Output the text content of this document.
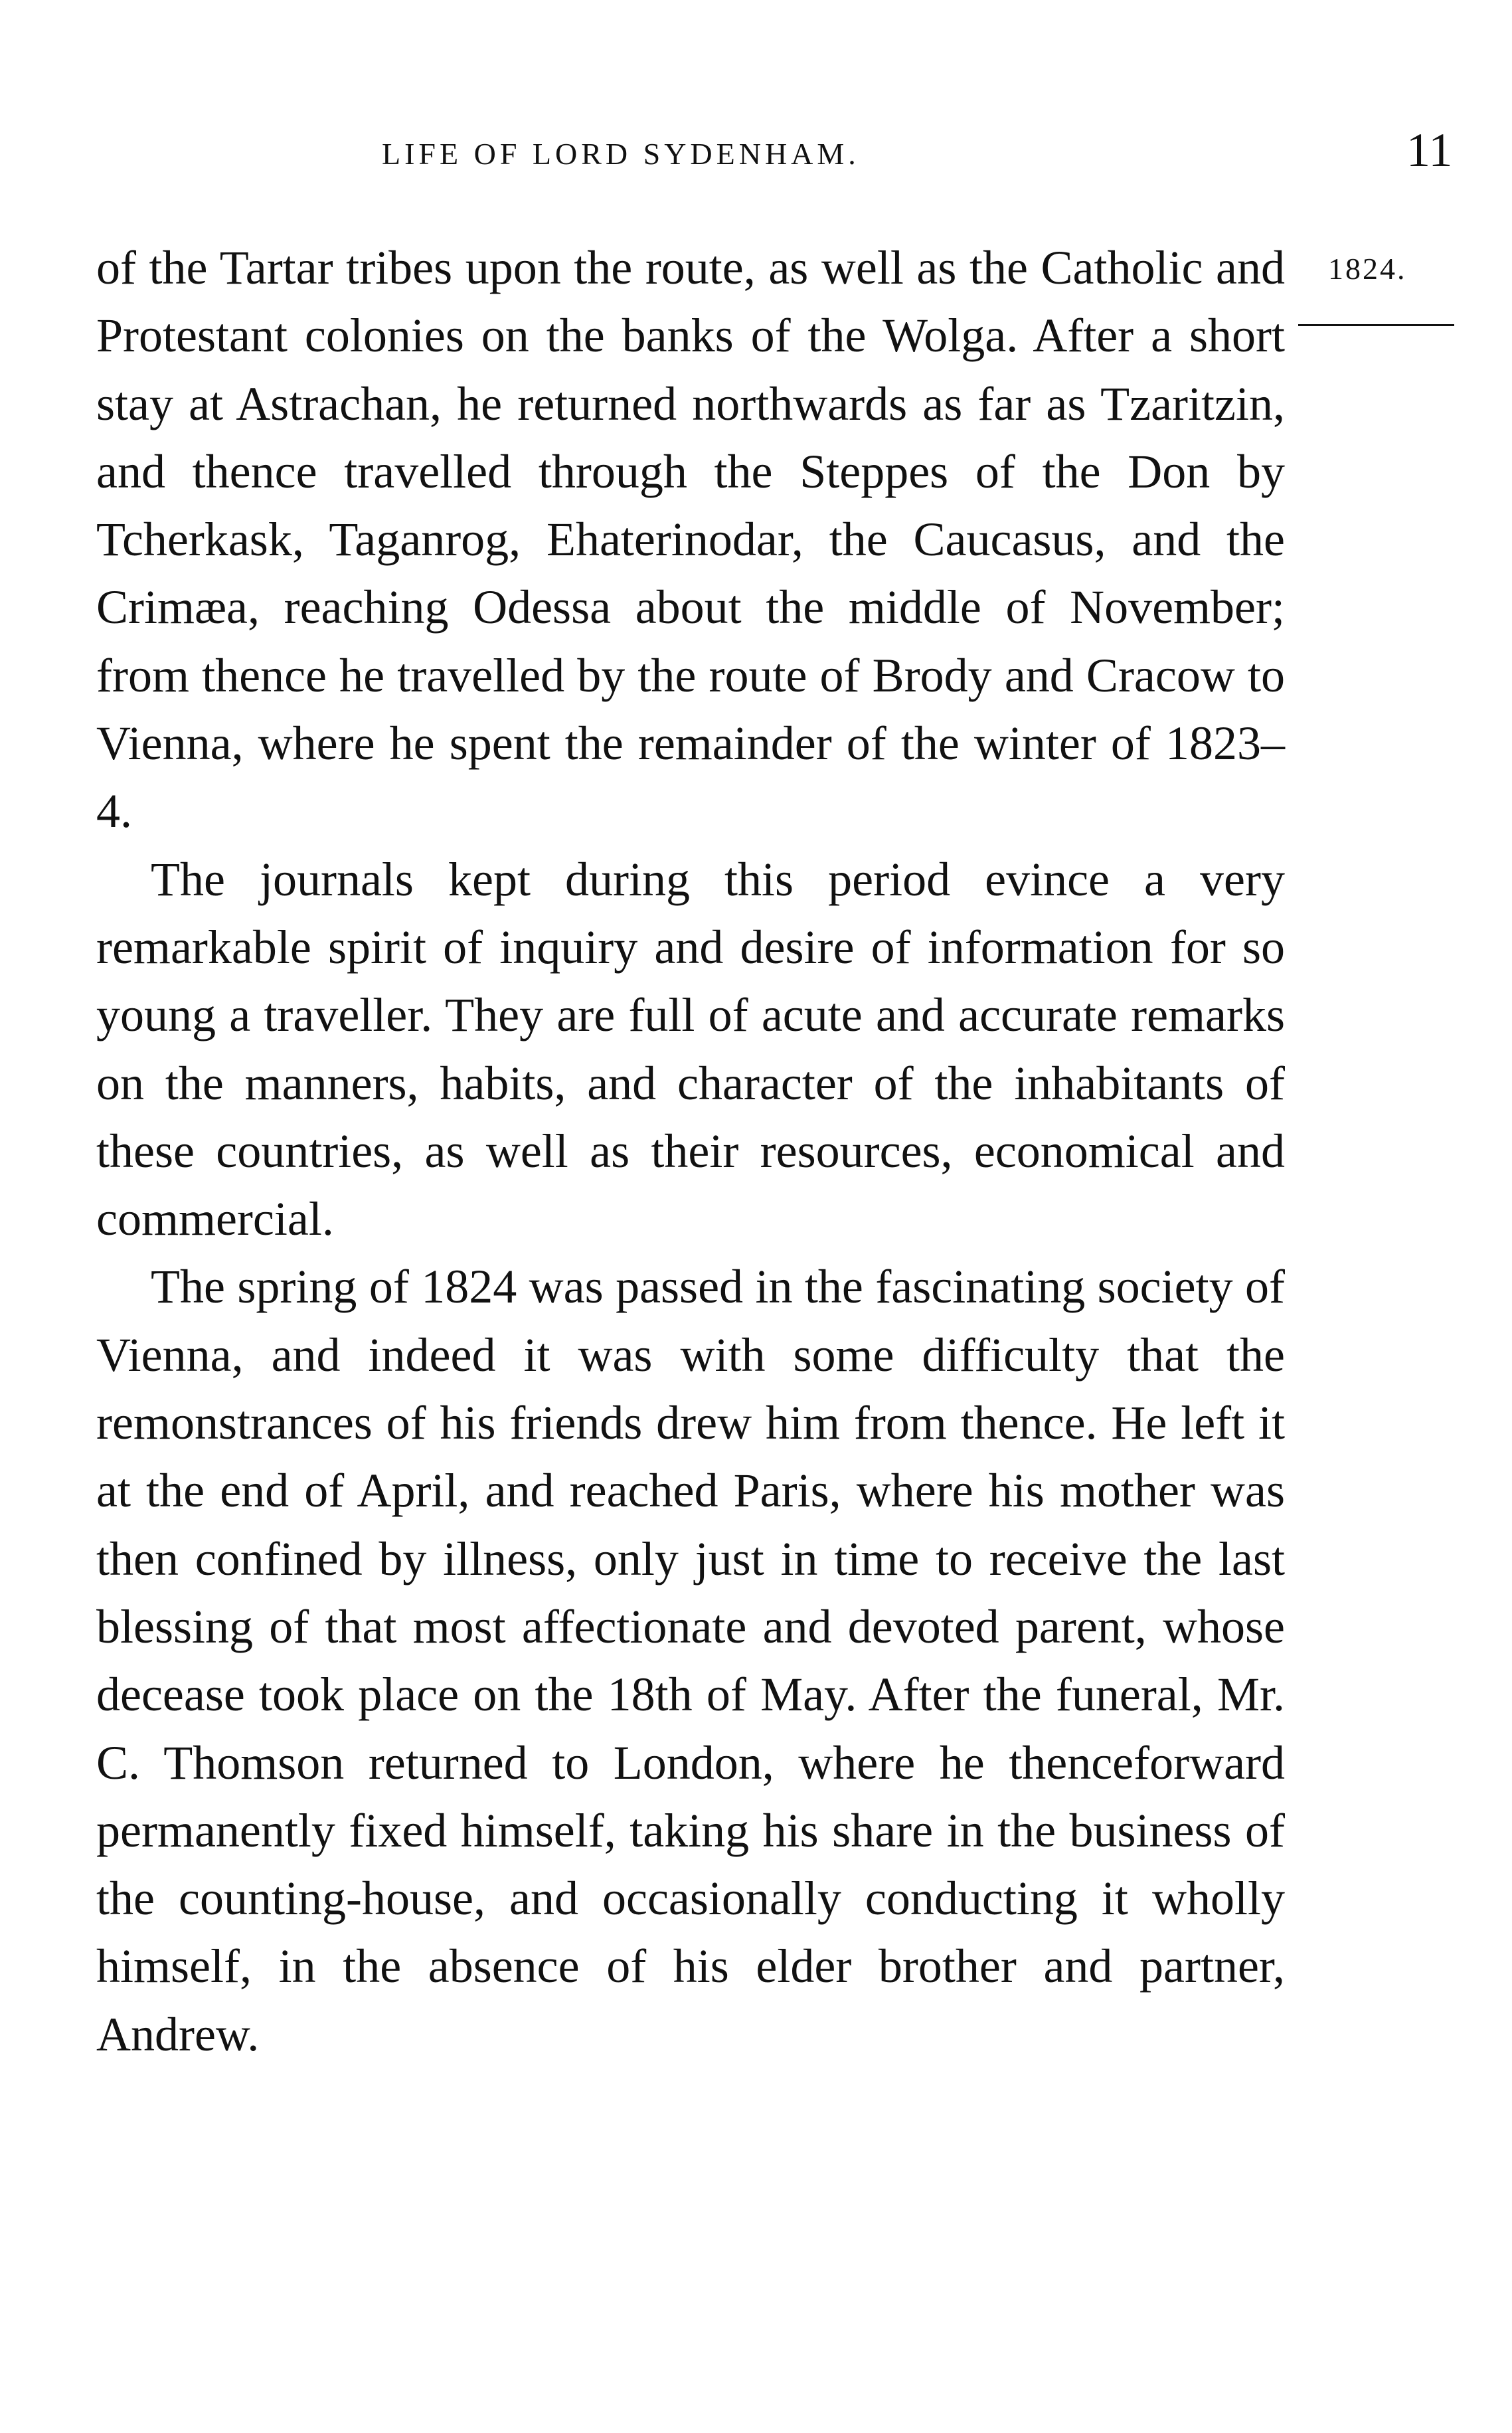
LIFE OF LORD SYDENHAM.	11
1824.

of the Tartar tribes upon the route, as well as the Catholic and Protestant colonies on the banks of the Wolga. After a short stay at Astrachan, he returned northwards as far as Tzaritzin, and thence travelled through the Steppes of the Don by Tcherkask, Taganrog, Ehaterinodar, the Caucasus, and the Crimæa, reaching Odessa about the middle of November; from thence he travelled by the route of Brody and Cracow to Vienna, where he spent the remainder of the winter of 1823–4.

The journals kept during this period evince a very remarkable spirit of inquiry and desire of information for so young a traveller. They are full of acute and accurate remarks on the manners, habits, and character of the inhabitants of these countries, as well as their resources, economical and commercial.

The spring of 1824 was passed in the fascinating society of Vienna, and indeed it was with some difficulty that the remonstrances of his friends drew him from thence. He left it at the end of April, and reached Paris, where his mother was then confined by illness, only just in time to receive the last blessing of that most affectionate and devoted parent, whose decease took place on the 18th of May. After the funeral, Mr. C. Thomson returned to London, where he thenceforward permanently fixed himself, taking his share in the business of the counting-house, and occasionally conducting it wholly himself, in the absence of his elder brother and partner, Andrew.
